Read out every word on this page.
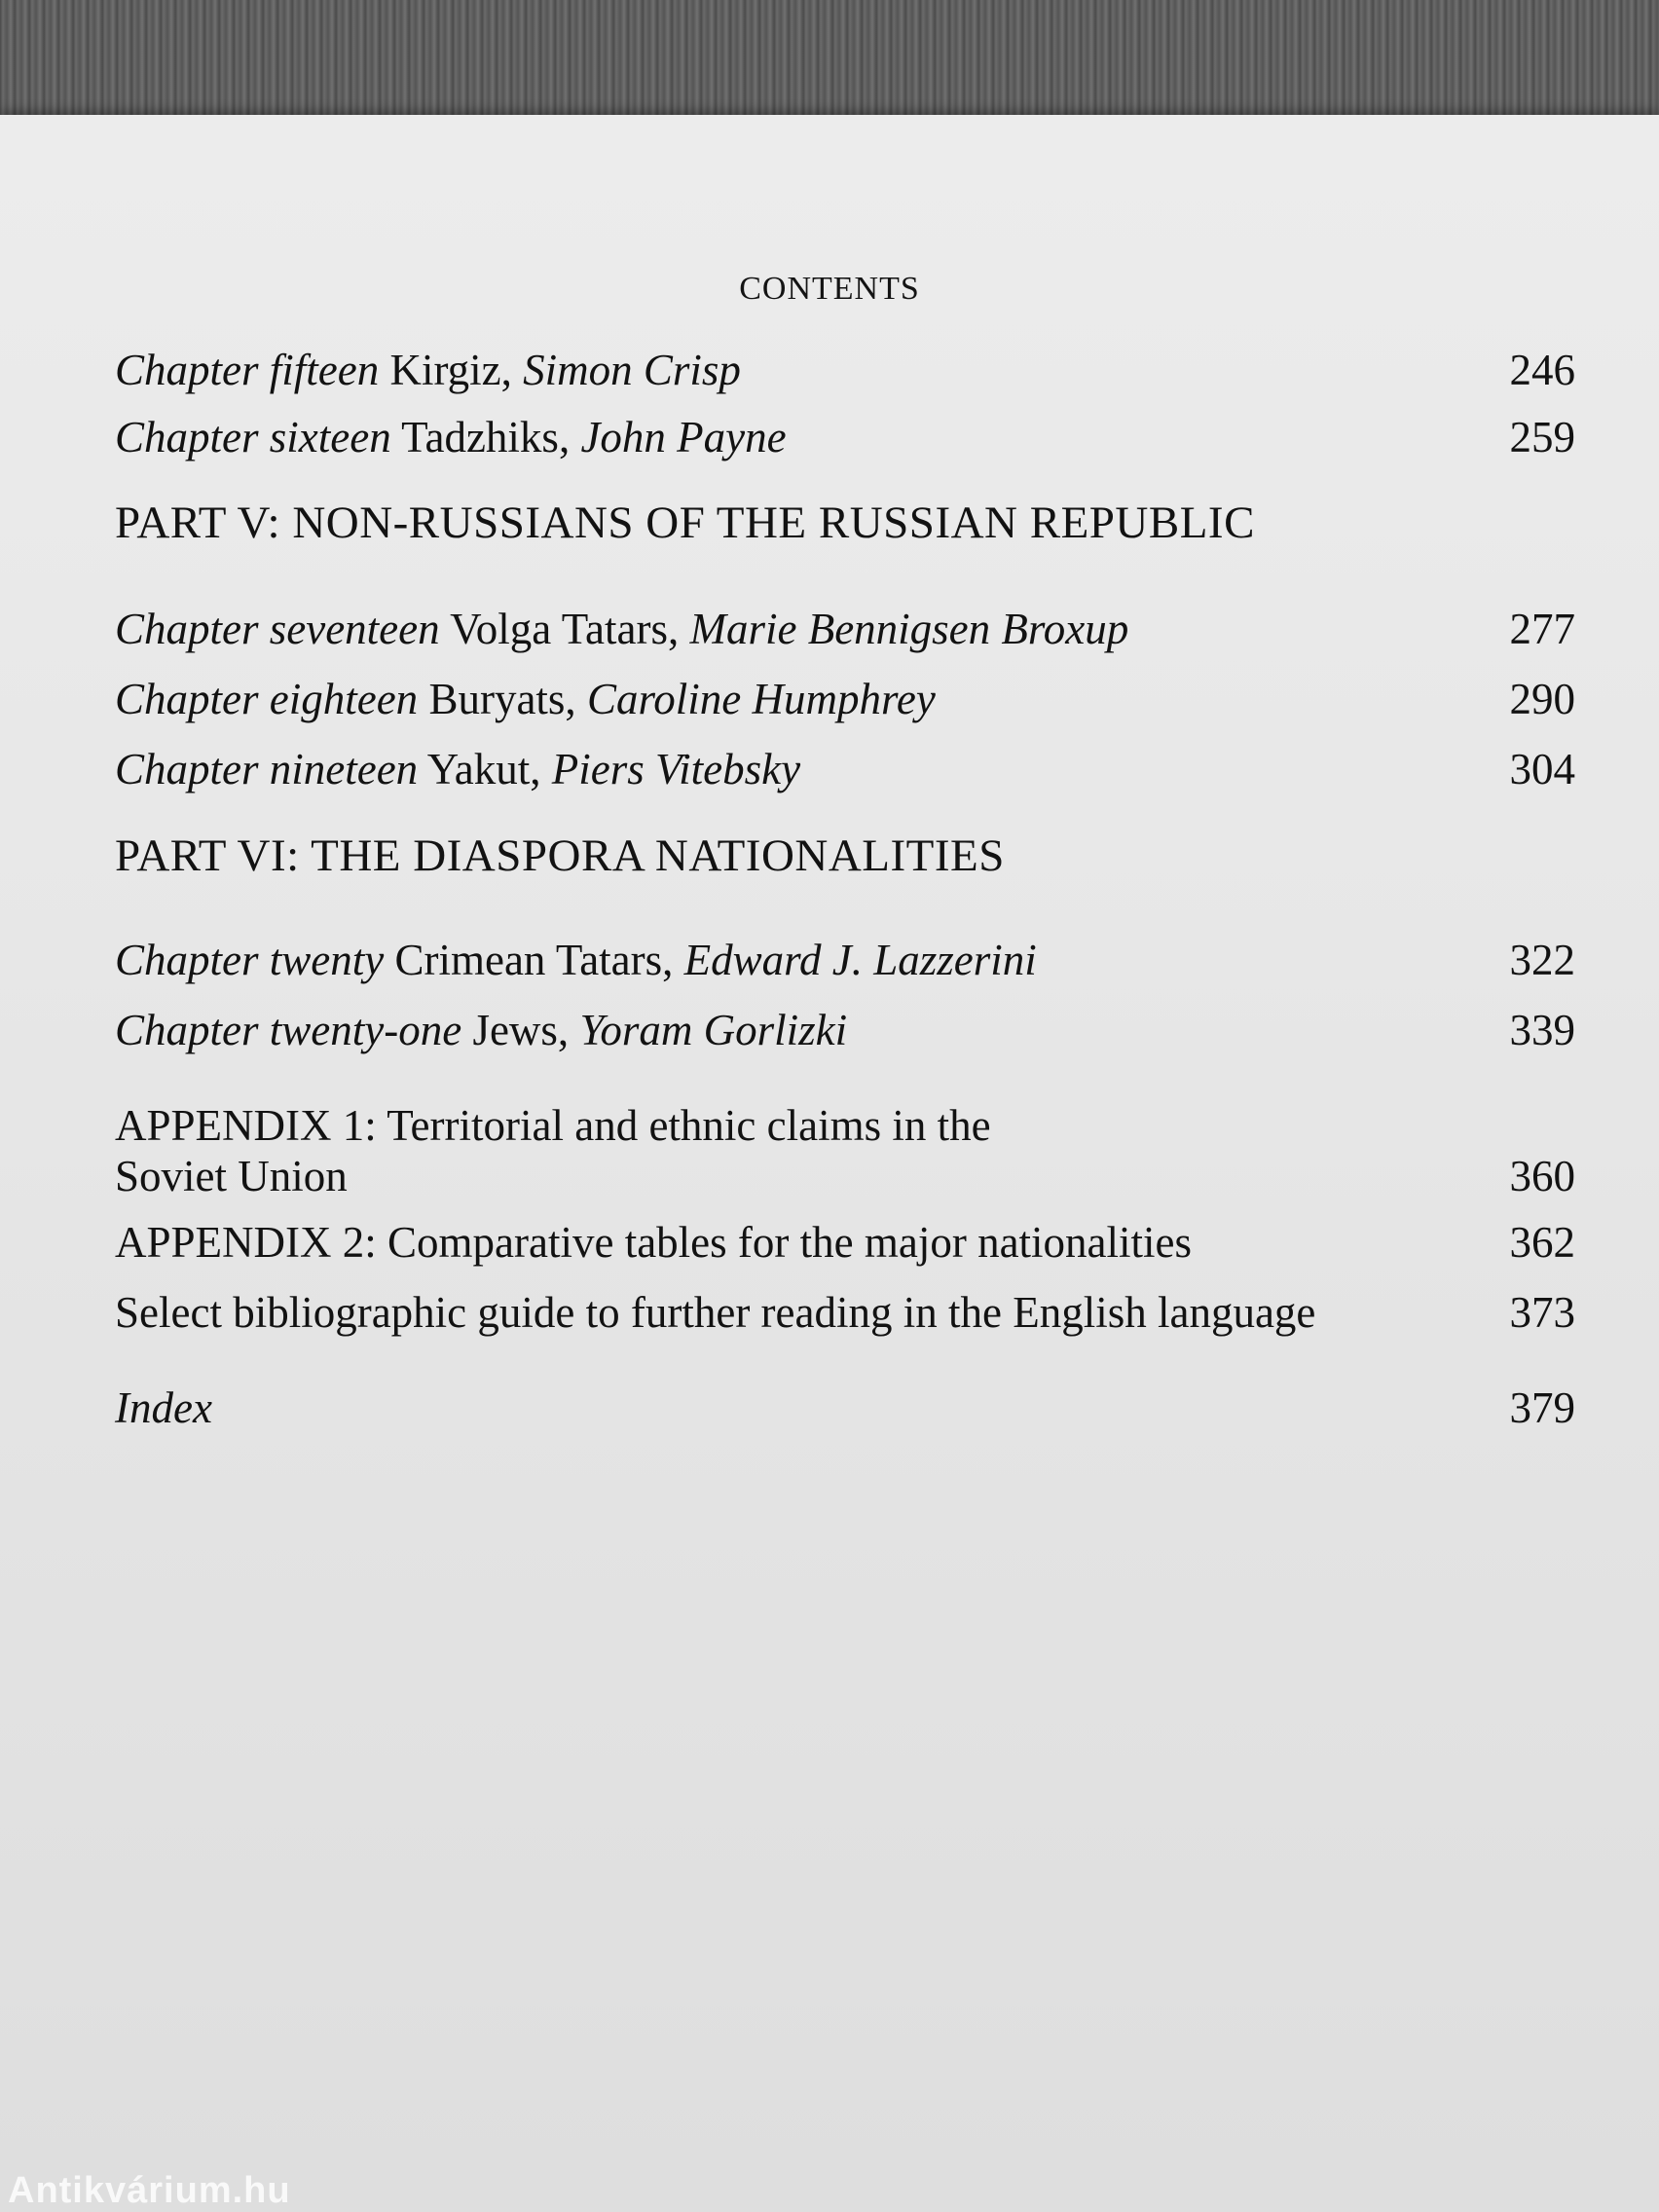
CONTENTS
Chapter fifteen Kirgiz, Simon Crisp	246
Chapter sixteen Tadzhiks, John Payne	259
PART V: NON-RUSSIANS OF THE RUSSIAN REPUBLIC
Chapter seventeen Volga Tatars, Marie Bennigsen Broxup	277
Chapter eighteen Buryats, Caroline Humphrey	290
Chapter nineteen Yakut, Piers Vitebsky	304
PART VI: THE DIASPORA NATIONALITIES
Chapter twenty Crimean Tatars, Edward J. Lazzerini	322
Chapter twenty-one Jews, Yoram Gorlizki	339
APPENDIX 1: Territorial and ethnic claims in the
Soviet Union	360
APPENDIX 2: Comparative tables for the major nationalities	362
Select bibliographic guide to further reading in the English language	373
Index	379
Antikvárium.hu
